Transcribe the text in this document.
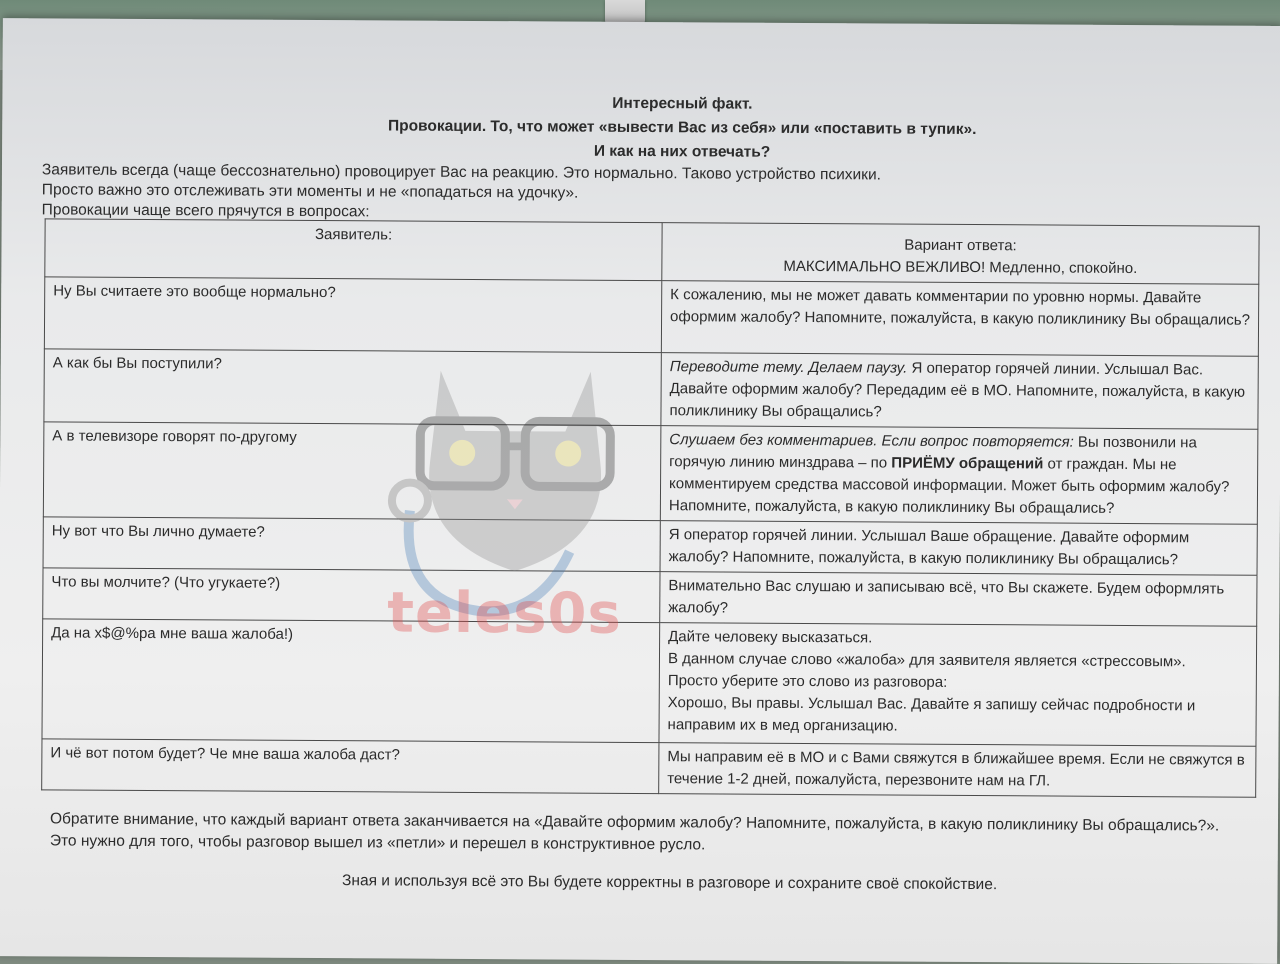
Интересный факт.
Провокации. То, что может «вывести Вас из себя» или «поставить в тупик».
И как на них отвечать?
Заявитель всегда (чаще бессознательно) провоцирует Вас на реакцию. Это нормально. Таково устройство психики.
Просто важно это отслеживать эти моменты и не «попадаться на удочку».
Провокации чаще всего прячутся в вопросах:
Заявитель:	Вариант ответа:
МАКСИМАЛЬНО ВЕЖЛИВО! Медленно, спокойно.

Ну Вы считаете это вообще нормально?	К сожалению, мы не может давать комментарии по уровню нормы. Давайте оформим жалобу? Напомните, пожалуйста, в какую поликлинику Вы обращались?
А как бы Вы поступили?	Переводите тему. Делаем паузу. Я оператор горячей линии. Услышал Вас. Давайте оформим жалобу? Передадим её в МО. Напомните, пожалуйста, в какую поликлинику Вы обращались?
А в телевизоре говорят по-другому	Слушаем без комментариев. Если вопрос повторяется: Вы позвонили на горячую линию минздрава – по ПРИЁМУ обращений от граждан. Мы не комментируем средства массовой информации. Может быть оформим жалобу? Напомните, пожалуйста, в какую поликлинику Вы обращались?
Ну вот что Вы лично думаете?	Я оператор горячей линии. Услышал Ваше обращение. Давайте оформим жалобу? Напомните, пожалуйста, в какую поликлинику Вы обращались?
Что вы молчите? (Что угукаете?)	Внимательно Вас слушаю и записываю всё, что Вы скажете. Будем оформлять жалобу?
Да на х$@%ра мне ваша жалоба!)	Дайте человеку высказаться.
В данном случае слово «жалоба» для заявителя является «стрессовым».
Просто уберите это слово из разговора:
Хорошо, Вы правы. Услышал Вас. Давайте я запишу сейчас подробности и направим их в мед организацию.

И чё вот потом будет? Че мне ваша жалоба даст?	Мы направим её в МО и с Вами свяжутся в ближайшее время. Если не свяжутся в течение 1-2 дней, пожалуйста, перезвоните нам на ГЛ.
Обратите внимание, что каждый вариант ответа заканчивается на «Давайте оформим жалобу? Напомните, пожалуйста, в какую поликлинику Вы обращались?». Это нужно для того, чтобы разговор вышел из «петли» и перешел в конструктивное русло.
Зная и используя всё это Вы будете корректны в разговоре и сохраните своё спокойствие.
teles0s
